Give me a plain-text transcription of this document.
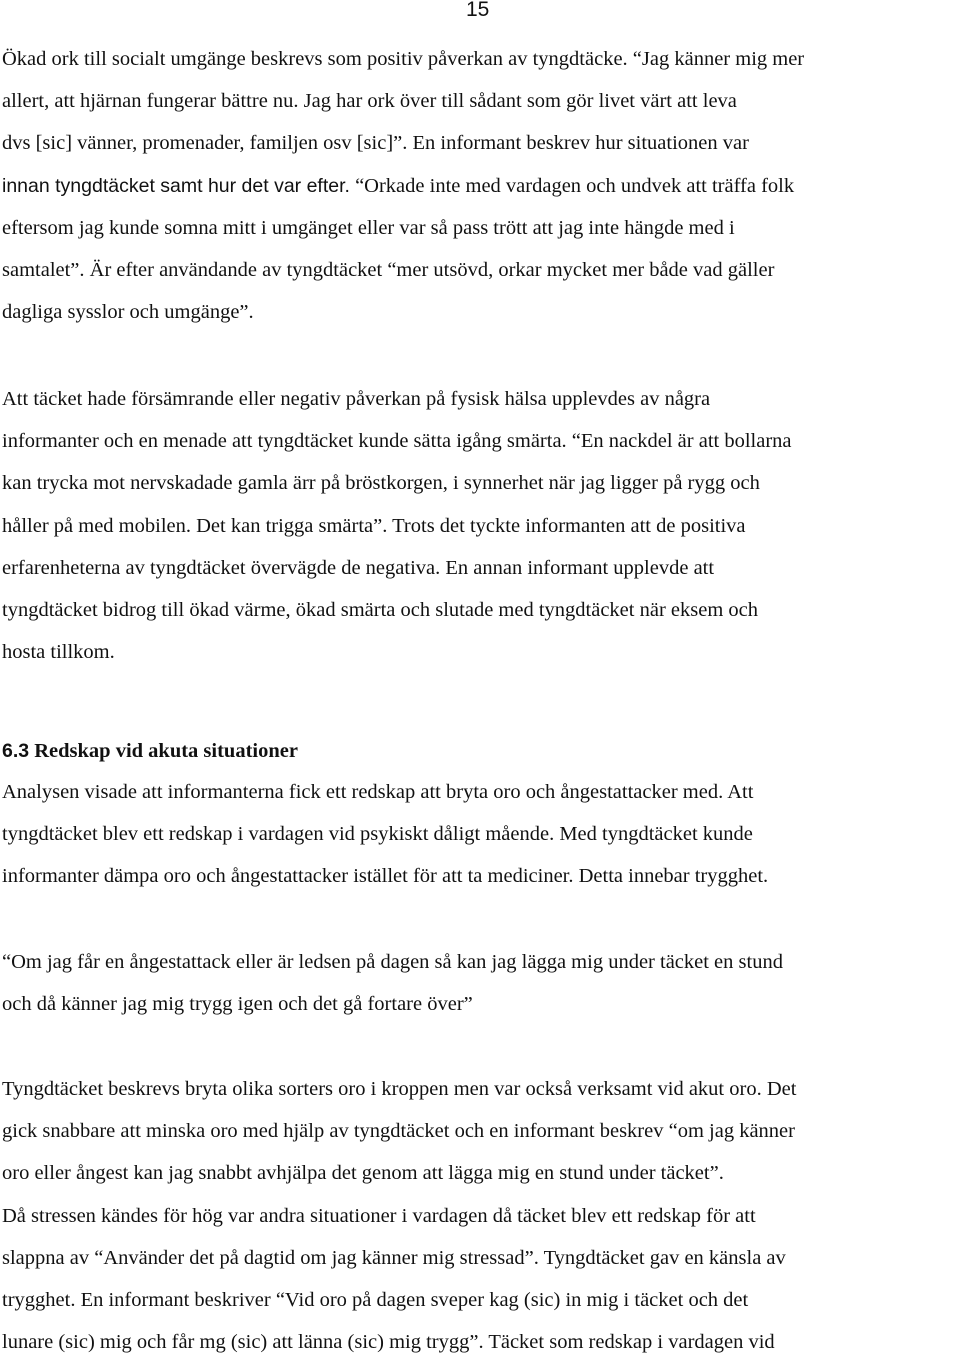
15
Ökad ork till socialt umgänge beskrevs som positiv påverkan av tyngdtäcke. “Jag känner mig mer
allert, att hjärnan fungerar bättre nu. Jag har ork över till sådant som gör livet värt att leva
dvs [sic] vänner, promenader, familjen osv [sic]”. En informant beskrev hur situationen var
innan tyngdtäcket samt hur det var efter. “Orkade inte med vardagen och undvek att träffa folk
eftersom jag kunde somna mitt i umgänget eller var så pass trött att jag inte hängde med i
samtalet”. Är efter användande av tyngdtäcket “mer utsövd, orkar mycket mer både vad gäller
dagliga sysslor och umgänge”.
Att täcket hade försämrande eller negativ påverkan på fysisk hälsa upplevdes av några
informanter och en menade att tyngdtäcket kunde sätta igång smärta. “En nackdel är att bollarna
kan trycka mot nervskadade gamla ärr på bröstkorgen, i synnerhet när jag ligger på rygg och
håller på med mobilen. Det kan trigga smärta”. Trots det tyckte informanten att de positiva
erfarenheterna av tyngdtäcket övervägde de negativa. En annan informant upplevde att
tyngdtäcket bidrog till ökad värme, ökad smärta och slutade med tyngdtäcket när eksem och
hosta tillkom.
6.3 Redskap vid akuta situationer
Analysen visade att informanterna fick ett redskap att bryta oro och ångestattacker med. Att
tyngdtäcket blev ett redskap i vardagen vid psykiskt dåligt mående. Med tyngdtäcket kunde
informanter dämpa oro och ångestattacker istället för att ta mediciner. Detta innebar trygghet.
“Om jag får en ångestattack eller är ledsen på dagen så kan jag lägga mig under täcket en stund
och då känner jag mig trygg igen och det gå fortare över”
Tyngdtäcket beskrevs bryta olika sorters oro i kroppen men var också verksamt vid akut oro. Det
gick snabbare att minska oro med hjälp av tyngdtäcket och en informant beskrev “om jag känner
oro eller ångest kan jag snabbt avhjälpa det genom att lägga mig en stund under täcket”.
Då stressen kändes för hög var andra situationer i vardagen då täcket blev ett redskap för att
slappna av “Använder det på dagtid om jag känner mig stressad”. Tyngdtäcket gav en känsla av
trygghet. En informant beskriver “Vid oro på dagen sveper kag (sic) in mig i täcket och det
lunare (sic) mig och får mg (sic) att länna (sic) mig trygg”. Täcket som redskap i vardagen vid
